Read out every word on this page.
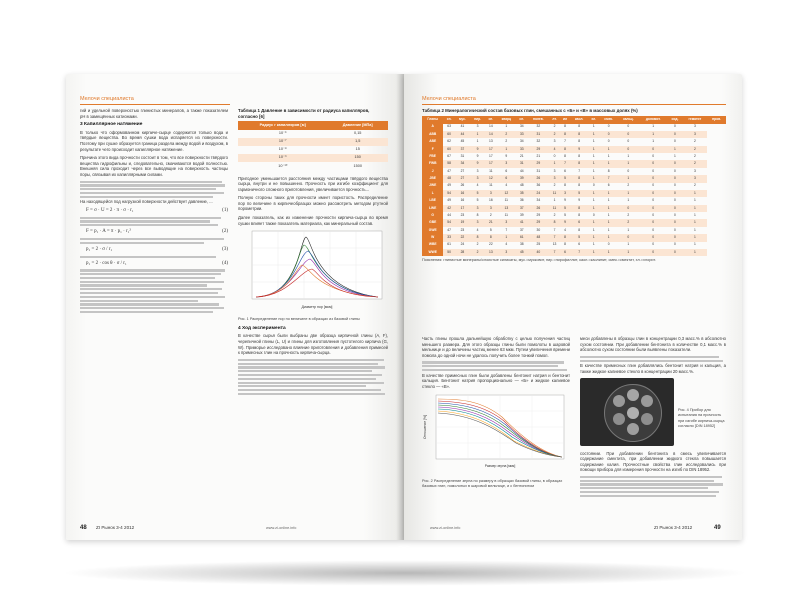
Мелочи специалиста
гий и удельной поверхностью глинистых минералов, а также показателем рН в замещённых катионами.
3 Капиллярное натяжение
В только что оформованном кирпиче-сырце содержится только вода и твёрдые вещества. Во время сушки вода испаряется из поверхности. Поэтому при сушке образуется граница раздела между водой и воздухом, в результате чего происходит капиллярное натяжение.
Причина этого вида прочности состоит в том, что все поверхности твёрдого вещества гидрофильны и, следовательно, смачиваются водой полностью. Внешняя сила проходит через все выводящие на поверхность частицы поры, связывая их капиллярными силами.
На находящейся под нагрузкой поверхности действует давление, ...
F = σ · U = 2 · π · σ · r₁	(1)
F = p₁ · A = π · p₁ · r₁²	(2)
p₁ = 2 · σ / r₁	(3)
p₁ = 2 · cos θ · σ / r₁	(4)
Таблица 1 Давление в зависимости от радиуса капилляров, согласно [6]
Радиус r капилляров [м]	Давление [МПа]
10⁻⁶	0,15
10⁻⁷	1,5
10⁻⁸	15
10⁻⁹	150
10⁻¹⁰	1500
Пригодное уменьшается расстояния между частицами твёрдого вещества сырца, внутри и не повышенно. Прочность при изгибе коэффициент для гармоничного сложного приготовления, увеличивается прочность...
Полную стороны таких для прочности имеет пористость. Распределение пор по величине в кирпичеобразцах можно рассмотреть методом ртутной порометрии.
Далее показатель, как их изменение прочности кирпича-сырца во время сушки влияет также показатель материала, как минеральный состав.
Диаметр пор [мкм]
Рис. 1 Распределение пор по величине в образцах из базовой глины
4 Ход эксперимента
В качестве сырья были выбраны две образца кирпичной глины (A, F), черепичной глины (L, U) и глины для изготовления пустотелого кирпича (G, W). Приморье исследовано влияние приготовления и добавления примесей к примесных глин на прочность кирпича-сырца.
48 ZI Рынок 3-4 2012	www.zi-online.info
Мелочи специалиста
Таблица 2 Минералогический состав базовых глин, смешанных с «Б» и «В» в массовых долях (%)
Глины	сп.	мус.	пир.	сп.	кварц	сп.	полев.	лт.	ил	каол.	хл.	смек.	кальц.	доломит.	сид.	гематит	пров.
A	63	41	3	14	1	34	32	2	8	8	1	0	0	1	0	3	
ABB	60	44	1	14	2	33	31	2	8	8	1	0	0	1	0	3	
ABE	62	45	1	13	2	34	32	3	7	8	1	0	0	1	0	2	
F	60	37	9	17	1	33	29	4	8	9	1	1	0	0	1	2	
FBE	67	31	9	17	9	21	21	0	8	8	1	1	1	0	1	2	
FWB	58	34	9	17	3	31	29	1	7	8	1	1	1	0	0	2	
J	47	27	3	11	6	44	31	3	6	7	1	8	0	0	0	3	
JBE	48	27	3	12	6	39	26	3	5	8	1	7	1	0	0	3	
JWE	49	26	4	11	4	48	36	2	8	8	0	6	2	0	0	2	
L	54	16	5	3	12	35	24	11	3	5	1	1	1	0	0	1	
LBE	49	16	5	16	11	36	34	1	9	9	1	1	1	0	0	1	
LWE	42	17	3	3	13	37	26	11	5	8	1	1	0	0	0	1	
G	44	23	8	2	11	39	29	2	5	8	0	1	2	0	0	1	
GBE	54	19	3	21	3	41	29	8	9	6	1	1	2	0	0	1	
GWE	47	23	4	5	7	37	30	7	4	8	1	1	1	0	0	1	
W	33	22	8	8	1	61	48	7	8	5	1	1	0	0	0	1	
WBE	61	24	2	22	4	38	25	13	8	6	1	0	1	0	0	1	
WWE	50	28	2	13	3	45	40	7	6	7	1	1	1	0	0	1	
Пояснения: глинистые минералы/слоистые силикаты, мус.=мусковит, пир.=пирофиллит, каол.=каолинит, смек.=смектит, хл.=хлорит.
Часть глины прошла дальнейшую обработку с целью получения частиц меньшего размера. Для этого образцы глины были помолоты в шаровой мельнице и до величины частиц менее 63 мкм. Путем увеличения времени помола до одной ночи не удалось получить более тонкий помол.
В качестве примесных глин были добавлены бентонит натрия и бентонит кальция. Бентонит натрия пропорционально — «Б» и жидкое калиевое стекло — «В».
Отношение [%]
Размер зерна [мкм]
Рис. 2 Распределение зерна по размеру в образцах базовой глины, в образцах базовых глин, помолотых в шаровой мельнице, и с бентонитом
меси добавлены в образцы глин в концентрации 0,3 масс.% в абсолютно сухом состоянии. При добавлении бентонита в количестве 0,1 масс.% в абсолютно сухом состоянии были выявлены показатели.
В качестве примесных глин добавлялись бентонит натрия и кальция, а также жидкое калиевое стекло в концентрации 20 масс.%.
Рис. 4 Прибор для испытания на прочность при изгибе кирпича-сырца согласно [DIN 18952]
состоянии. При добавлении бентонита в смесь увеличивается содержание смектита, при добавлении жидкого стекла повышается содержание калия. Прочностные свойства глин исследовались при помощи прибора для измерения прочности на изгиб по DIN 18952.
www.zi-online.info	ZI Рынок 3-4 2012	49
